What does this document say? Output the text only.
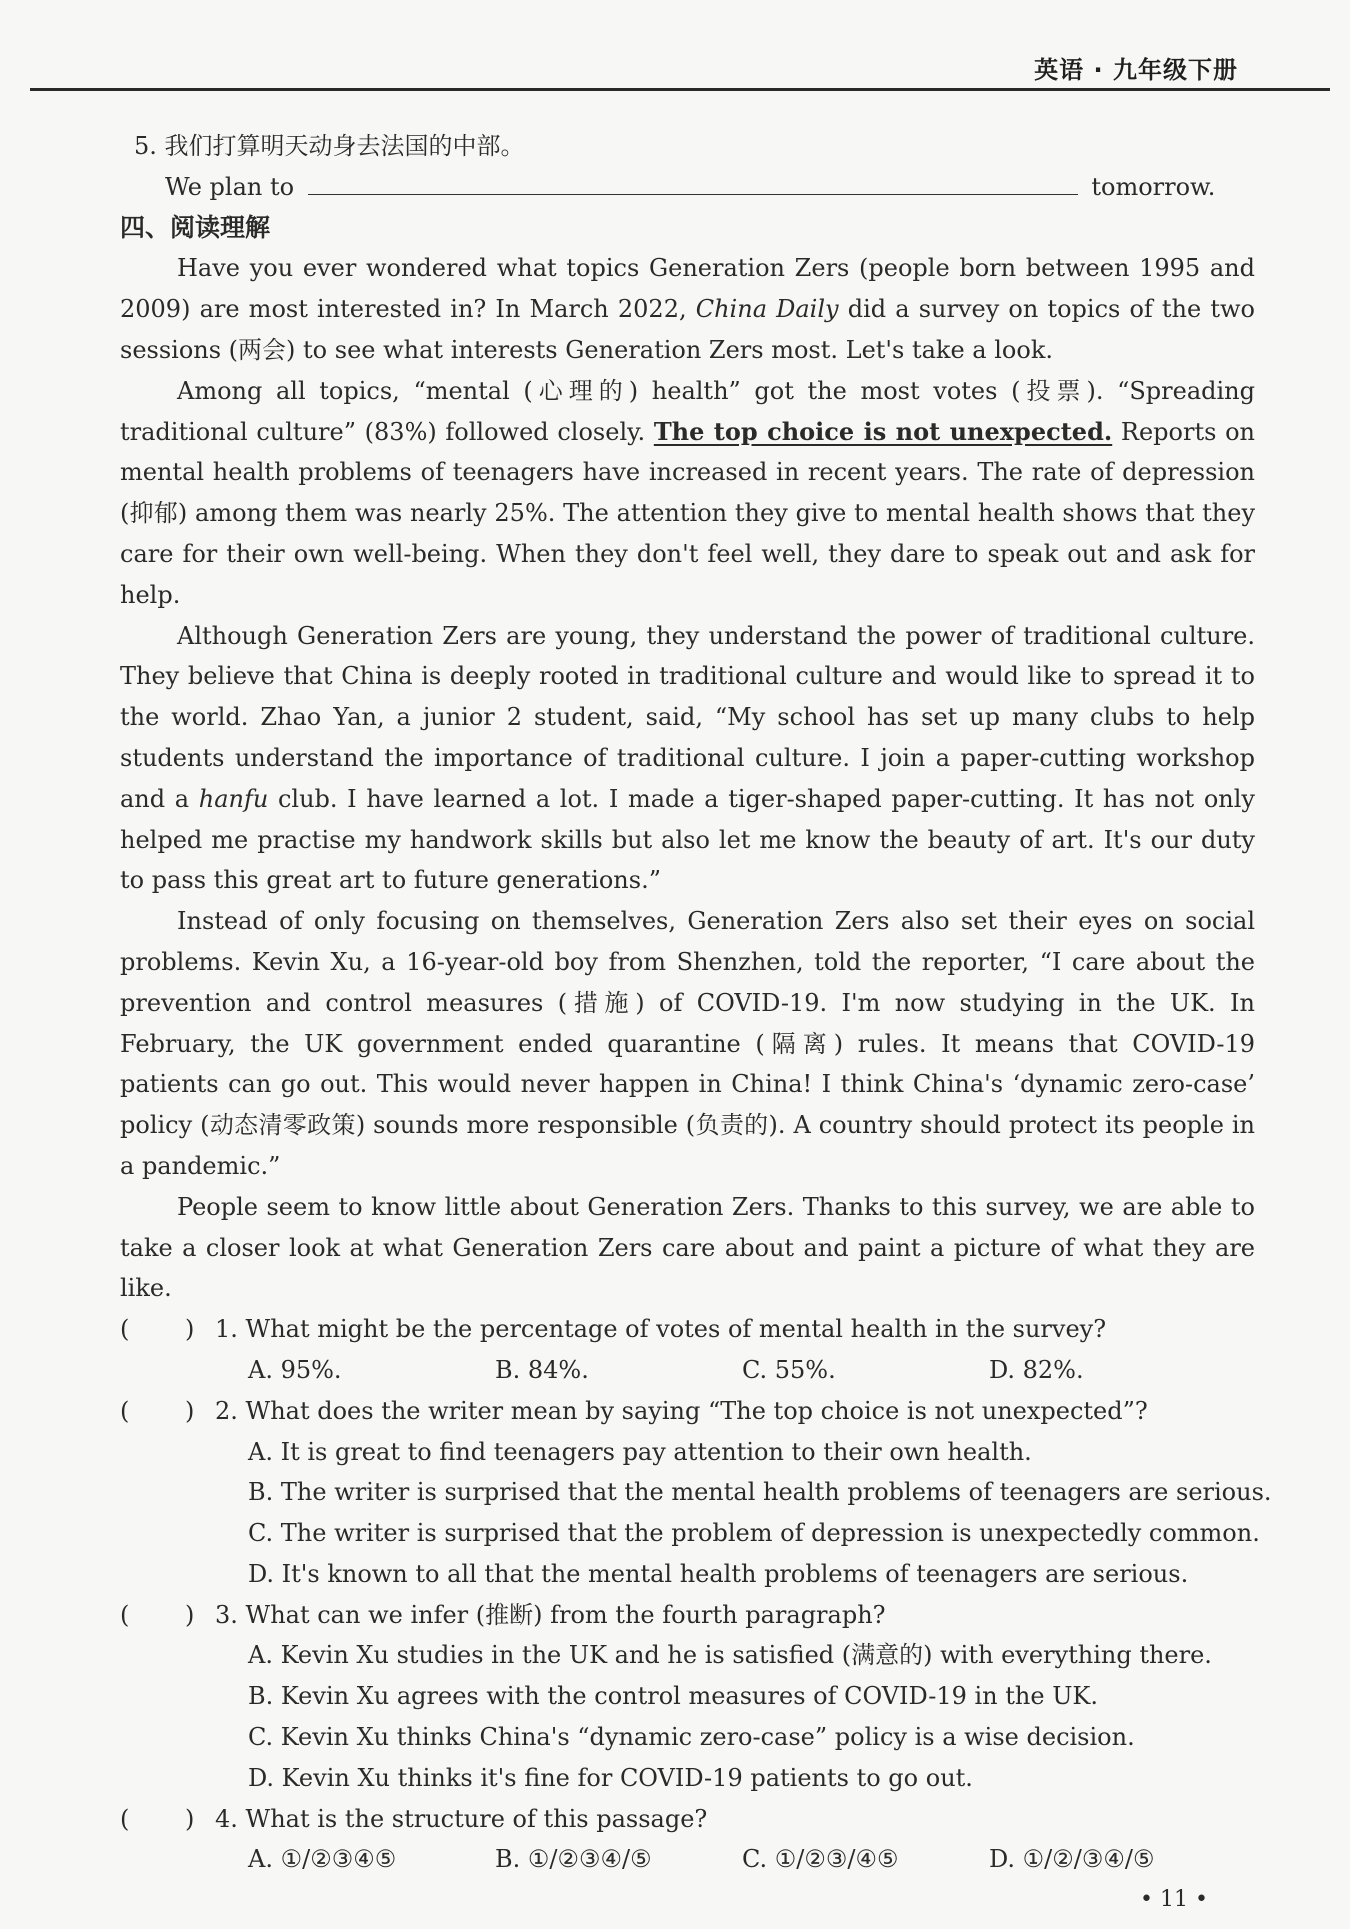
英语 · 九年级下册

5. 我们打算明天动身去法国的中部。

We plan to	tomorrow.

四、阅读理解

Have you ever wondered what topics Generation Zers (people born between 1995 and 2009) are most interested in? In March 2022, China Daily did a survey on topics of the two sessions (两会) to see what interests Generation Zers most. Let's take a look.

Among all topics, “mental (心理的) health” got the most votes (投票). “Spreading traditional culture” (83%) followed closely. The top choice is not unexpected. Reports on mental health problems of teenagers have increased in recent years. The rate of depression (抑郁) among them was nearly 25%. The attention they give to mental health shows that they care for their own well-being. When they don't feel well, they dare to speak out and ask for help.

Although Generation Zers are young, they understand the power of traditional culture. They believe that China is deeply rooted in traditional culture and would like to spread it to the world. Zhao Yan, a junior 2 student, said, “My school has set up many clubs to help students understand the importance of traditional culture. I join a paper-cutting workshop and a hanfu club. I have learned a lot. I made a tiger-shaped paper-cutting. It has not only helped me practise my handwork skills but also let me know the beauty of art. It's our duty to pass this great art to future generations.”

Instead of only focusing on themselves, Generation Zers also set their eyes on social problems. Kevin Xu, a 16-year-old boy from Shenzhen, told the reporter, “I care about the prevention and control measures (措施) of COVID-19. I'm now studying in the UK. In February, the UK government ended quarantine (隔离) rules. It means that COVID-19 patients can go out. This would never happen in China! I think China's ‘dynamic zero-case’ policy (动态清零政策) sounds more responsible (负责的). A country should protect its people in a pandemic.”

People seem to know little about Generation Zers. Thanks to this survey, we are able to take a closer look at what Generation Zers care about and paint a picture of what they are like.

( ) 1. What might be the percentage of votes of mental health in the survey?
A. 95%.	B. 84%.	C. 55%.	D. 82%.
( ) 2. What does the writer mean by saying “The top choice is not unexpected”?
A. It is great to find teenagers pay attention to their own health.
B. The writer is surprised that the mental health problems of teenagers are serious.
C. The writer is surprised that the problem of depression is unexpectedly common.
D. It's known to all that the mental health problems of teenagers are serious.
( ) 3. What can we infer (推断) from the fourth paragraph?
A. Kevin Xu studies in the UK and he is satisfied (满意的) with everything there.
B. Kevin Xu agrees with the control measures of COVID-19 in the UK.
C. Kevin Xu thinks China's “dynamic zero-case” policy is a wise decision.
D. Kevin Xu thinks it's fine for COVID-19 patients to go out.
( ) 4. What is the structure of this passage?
A. ①/②③④⑤	B. ①/②③④/⑤	C. ①/②③/④⑤	D. ①/②/③④/⑤
• 11 •
